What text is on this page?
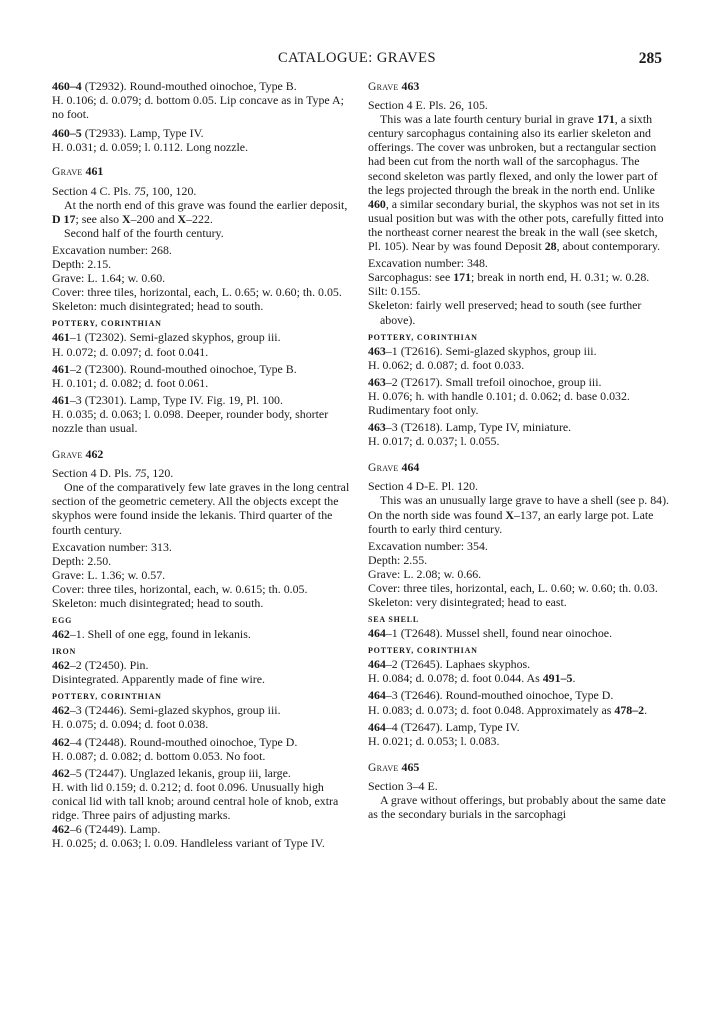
CATALOGUE: GRAVES	285

460–4 (T2932). Round-mouthed oinochoe, Type B.

H. 0.106; d. 0.079; d. bottom 0.05. Lip concave as in Type A; no foot.

460–5 (T2933). Lamp, Type IV.

H. 0.031; d. 0.059; l. 0.112. Long nozzle.

Grave 461

Section 4 C. Pls. 75, 100, 120.

At the north end of this grave was found the earlier deposit, D 17; see also X–200 and X–222.

Second half of the fourth century.

Excavation number: 268.

Depth: 2.15.

Grave: L. 1.64; w. 0.60.

Cover: three tiles, horizontal, each, L. 0.65; w. 0.60; th. 0.05.

Skeleton: much disintegrated; head to south.

POTTERY, CORINTHIAN

461–1 (T2302). Semi-glazed skyphos, group iii.

H. 0.072; d. 0.097; d. foot 0.041.

461–2 (T2300). Round-mouthed oinochoe, Type B.

H. 0.101; d. 0.082; d. foot 0.061.

461–3 (T2301). Lamp, Type IV. Fig. 19, Pl. 100.

H. 0.035; d. 0.063; l. 0.098. Deeper, rounder body, shorter nozzle than usual.

Grave 462

Section 4 D. Pls. 75, 120.

One of the comparatively few late graves in the long central section of the geometric cemetery. All the objects except the skyphos were found inside the lekanis. Third quarter of the fourth century.

Excavation number: 313.

Depth: 2.50.

Grave: L. 1.36; w. 0.57.

Cover: three tiles, horizontal, each, w. 0.615; th. 0.05.

Skeleton: much disintegrated; head to south.

EGG

462–1. Shell of one egg, found in lekanis.

IRON

462–2 (T2450). Pin.

Disintegrated. Apparently made of fine wire.

POTTERY, CORINTHIAN

462–3 (T2446). Semi-glazed skyphos, group iii.

H. 0.075; d. 0.094; d. foot 0.038.

462–4 (T2448). Round-mouthed oinochoe, Type D.

H. 0.087; d. 0.082; d. bottom 0.053. No foot.

462–5 (T2447). Unglazed lekanis, group iii, large.

H. with lid 0.159; d. 0.212; d. foot 0.096. Unusually high conical lid with tall knob; around central hole of knob, extra ridge. Three pairs of adjusting marks.

462–6 (T2449). Lamp.

H. 0.025; d. 0.063; l. 0.09. Handleless variant of Type IV.

Grave 463

Section 4 E. Pls. 26, 105.

This was a late fourth century burial in grave 171, a sixth century sarcophagus containing also its earlier skeleton and offerings. The cover was unbroken, but a rectangular section had been cut from the north wall of the sarcophagus. The second skeleton was partly flexed, and only the lower part of the legs projected through the break in the north end. Unlike 460, a similar secondary burial, the skyphos was not set in its usual position but was with the other pots, carefully fitted into the northeast corner nearest the break in the wall (see sketch, Pl. 105). Near by was found Deposit 28, about contemporary.

Excavation number: 348.

Sarcophagus: see 171; break in north end, H. 0.31; w. 0.28.

Silt: 0.155.

Skeleton: fairly well preserved; head to south (see further above).

POTTERY, CORINTHIAN

463–1 (T2616). Semi-glazed skyphos, group iii.

H. 0.062; d. 0.087; d. foot 0.033.

463–2 (T2617). Small trefoil oinochoe, group iii.

H. 0.076; h. with handle 0.101; d. 0.062; d. base 0.032. Rudimentary foot only.

463–3 (T2618). Lamp, Type IV, miniature.

H. 0.017; d. 0.037; l. 0.055.

Grave 464

Section 4 D-E. Pl. 120.

This was an unusually large grave to have a shell (see p. 84). On the north side was found X–137, an early large pot. Late fourth to early third century.

Excavation number: 354.

Depth: 2.55.

Grave: L. 2.08; w. 0.66.

Cover: three tiles, horizontal, each, L. 0.60; w. 0.60; th. 0.03.

Skeleton: very disintegrated; head to east.

SEA SHELL

464–1 (T2648). Mussel shell, found near oinochoe.

POTTERY, CORINTHIAN

464–2 (T2645). Laphaes skyphos.

H. 0.084; d. 0.078; d. foot 0.044. As 491–5.

464–3 (T2646). Round-mouthed oinochoe, Type D.

H. 0.083; d. 0.073; d. foot 0.048. Approximately as 478–2.

464–4 (T2647). Lamp, Type IV.

H. 0.021; d. 0.053; l. 0.083.

Grave 465

Section 3–4 E.

A grave without offerings, but probably about the same date as the secondary burials in the sarcophagi
